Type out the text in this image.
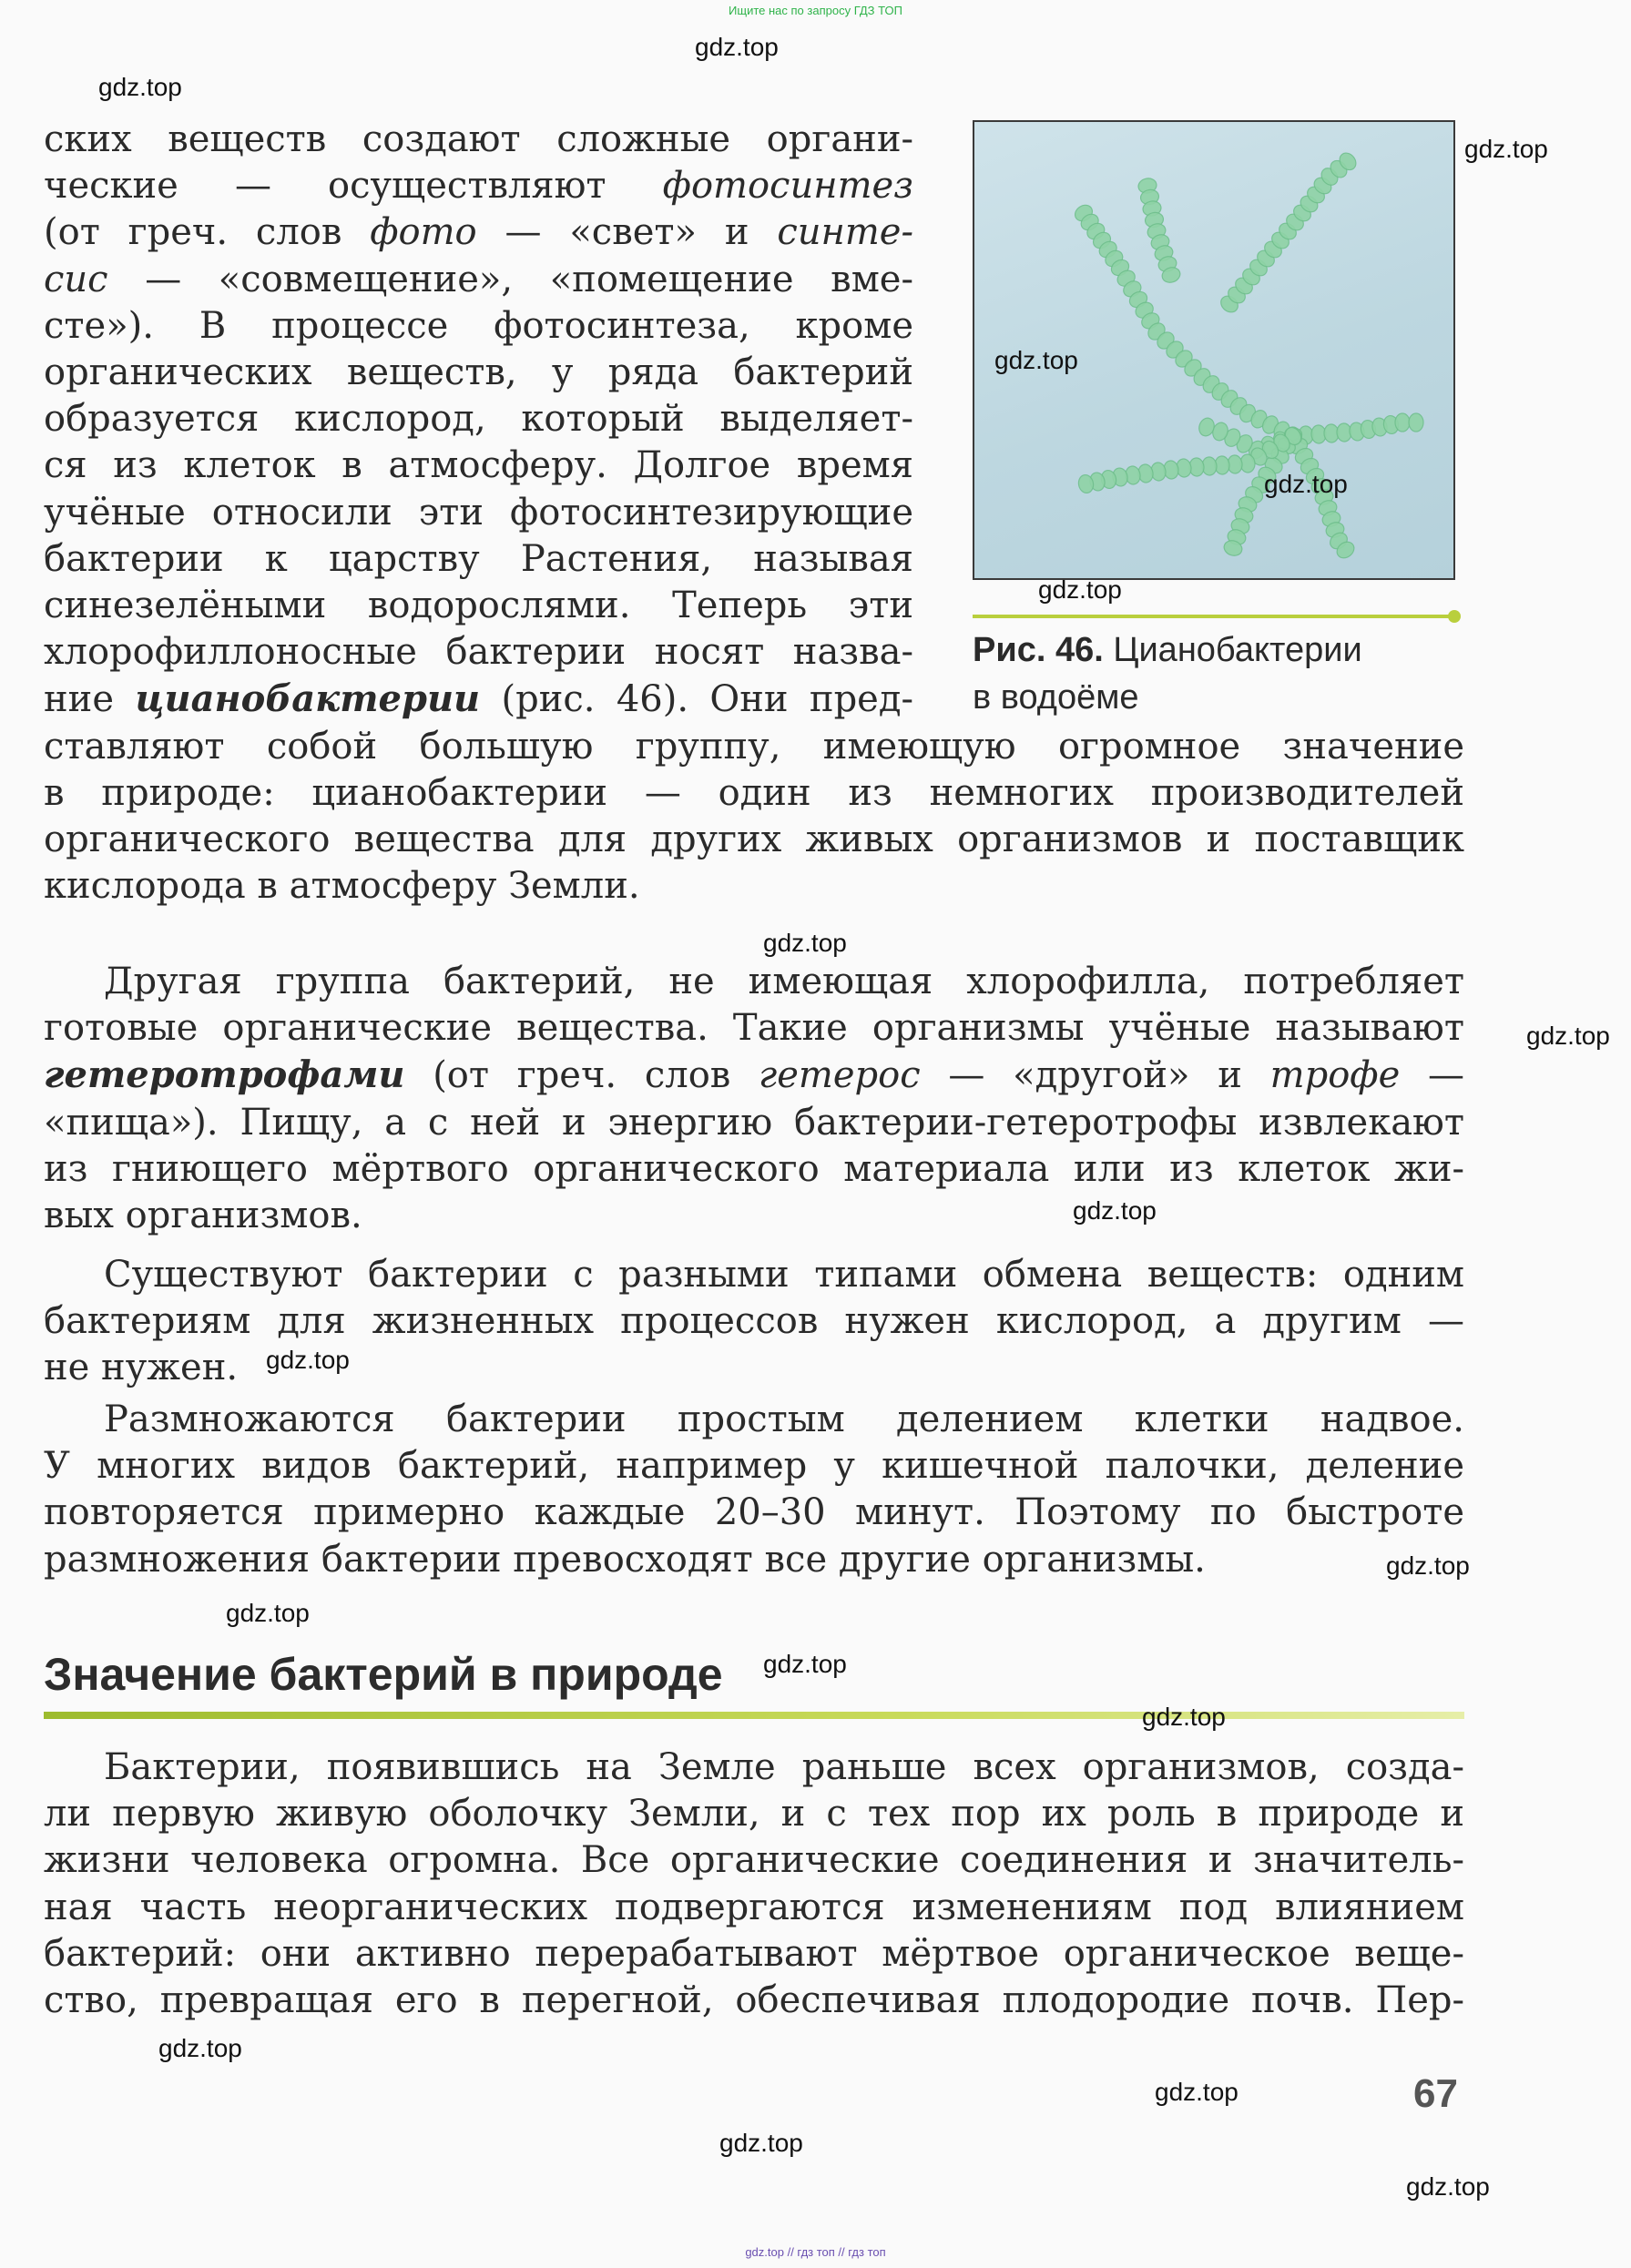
Ищите нас по запросу ГДЗ ТОП

Рис. 46. Цианобактерии
в водоёме

ских веществ создают сложные органи-
ческие — осуществляют фотосинтез
(от греч. слов фото — «свет» и синте-
сис — «совмещение», «помещение вме-
сте»). В процессе фотосинтеза, кроме
органических веществ, у ряда бактерий
образуется кислород, который выделяет-
ся из клеток в атмосферу. Долгое время
учёные относили эти фотосинтезирующие
бактерии к царству Растения, называя
синезелёными водорослями. Теперь эти
хлорофиллоносные бактерии носят назва-
ние цианобактерии (рис. 46). Они пред-
ставляют собой большую группу, имеющую огромное значение
в природе: цианобактерии — один из немногих производителей
органического вещества для других живых организмов и поставщик
кислорода в атмосферу Земли.
Другая группа бактерий, не имеющая хлорофилла, потребляет
готовые органические вещества. Такие организмы учёные называют
гетеротрофами (от греч. слов гетерос — «другой» и трофе —
«пища»). Пищу, а с ней и энергию бактерии-гетеротрофы извлекают
из гниющего мёртвого органического материала или из клеток жи-
вых организмов.
Существуют бактерии с разными типами обмена веществ: одним
бактериям для жизненных процессов нужен кислород, а другим —
не нужен.
Размножаются бактерии простым делением клетки надвое.
У многих видов бактерий, например у кишечной палочки, деление
повторяется примерно каждые 20–30 минут. Поэтому по быстроте
размножения бактерии превосходят все другие организмы.
Значение бактерий в природе
Бактерии, появившись на Земле раньше всех организмов, созда-
ли первую живую оболочку Земли, и с тех пор их роль в природе и
жизни человека огромна. Все органические соединения и значитель-
ная часть неорганических подвергаются изменениям под влиянием
бактерий: они активно перерабатывают мёртвое органическое веще-
ство, превращая его в перегной, обеспечивая плодородие почв. Пер-

67

gdz.top
gdz.top
gdz.top
gdz.top
gdz.top
gdz.top
gdz.top
gdz.top
gdz.top
gdz.top
gdz.top
gdz.top
gdz.top
gdz.top
gdz.top
gdz.top
gdz.top
gdz.top
gdz.top // гдз топ // гдз топ
